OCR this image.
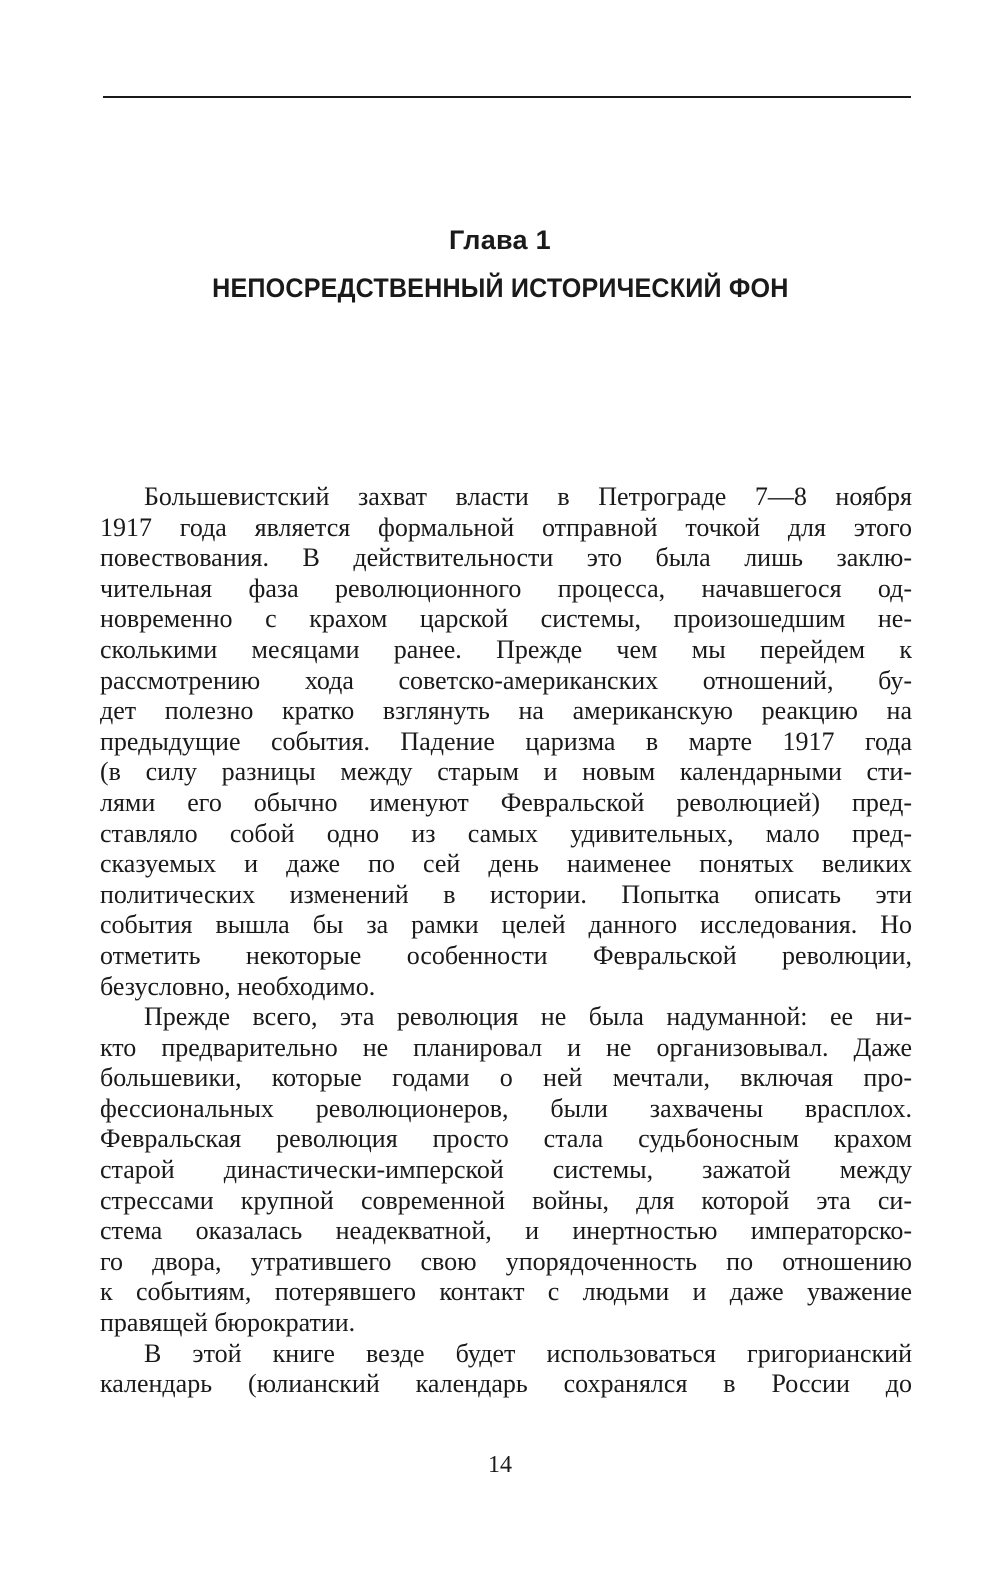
Глава 1
НЕПОСРЕДСТВЕННЫЙ ИСТОРИЧЕСКИЙ ФОН
Большевистский захват власти в Петрограде 7—8 ноября
1917 года является формальной отправной точкой для этого
повествования. В действительности это была лишь заклю-
чительная фаза революционного процесса, начавшегося од-
новременно с крахом царской системы, произошедшим не-
сколькими месяцами ранее. Прежде чем мы перейдем к
рассмотрению хода советско-американских отношений, бу-
дет полезно кратко взглянуть на американскую реакцию на
предыдущие события. Падение царизма в марте 1917 года
(в силу разницы между старым и новым календарными сти-
лями его обычно именуют Февральской революцией) пред-
ставляло собой одно из самых удивительных, мало пред-
сказуемых и даже по сей день наименее понятых великих
политических изменений в истории. Попытка описать эти
события вышла бы за рамки целей данного исследования. Но
отметить некоторые особенности Февральской революции,
безусловно, необходимо.
Прежде всего, эта революция не была надуманной: ее ни-
кто предварительно не планировал и не организовывал. Даже
большевики, которые годами о ней мечтали, включая про-
фессиональных революционеров, были захвачены врасплох.
Февральская революция просто стала судьбоносным крахом
старой династически-имперской системы, зажатой между
стрессами крупной современной войны, для которой эта си-
стема оказалась неадекватной, и инертностью императорско-
го двора, утратившего свою упорядоченность по отношению
к событиям, потерявшего контакт с людьми и даже уважение
правящей бюрократии.
В этой книге везде будет использоваться григорианский
календарь (юлианский календарь сохранялся в России до
14
